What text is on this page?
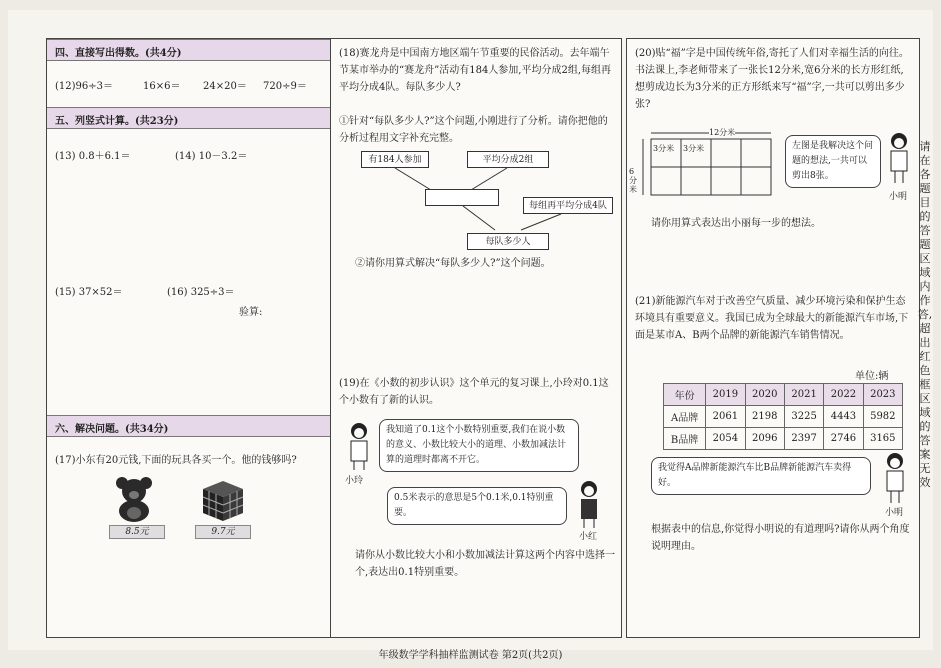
四、直接写出得数。(共4分)
(12)96÷3＝	16×6＝ 24×20＝ 720÷9＝
五、列竖式计算。(共23分)
(13) 0.8＋6.1＝	(14) 10－3.2＝
(15) 37×52＝	(16) 325÷3＝
验算:
六、解决问题。(共34分)
(17)小东有20元钱,下面的玩具各买一个。他的钱够吗?
8.5元	9.7元
(18)赛龙舟是中国南方地区端午节重要的民俗活动。去年端午节某市举办的“赛龙舟”活动有184人参加,平均分成2组,每组再平均分成4队。每队多少人?
①针对“每队多少人?”这个问题,小刚进行了分析。请你把他的分析过程用文字补充完整。
有184人参加	平均分成2组
每组再平均分成4队
每队多少人
②请你用算式解决“每队多少人?”这个问题。
(19)在《小数的初步认识》这个单元的复习课上,小玲对0.1这个小数有了新的认识。
小玲
我知道了0.1这个小数特别重要,我们在说小数的意义、小数比较大小的道理、小数加减法计算的道理时都离不开它。
0.5米表示的意思是5个0.1米,0.1特别重要。
小红
请你从小数比较大小和小数加减法计算这两个内容中选择一个,表达出0.1特别重要。
(20)贴“福”字是中国传统年俗,寄托了人们对幸福生活的向往。书法课上,李老师带来了一张长12分米,宽6分米的长方形红纸,想剪成边长为3分米的正方形纸来写“福”字,一共可以剪出多少张?
12分米
6分米
3分米 3分米	左图是我解决这个问题的想法,一共可以剪出8张。
小明
请你用算式表达出小丽每一步的想法。
(21)新能源汽车对于改善空气质量、减少环境污染和保护生态环境具有重要意义。我国已成为全球最大的新能源汽车市场,下面是某市A、B两个品牌的新能源汽车销售情况。
单位:辆
年份	2019	2020	2021	2022	2023
A品牌	2061	2198	3225	4443	5982
B品牌	2054	2096	2397	2746	3165
我觉得A品牌新能源汽车比B品牌新能源汽车卖得好。
小明
根据表中的信息,你觉得小明说的有道理吗?请你从两个角度说明理由。
请在各题目的答题区域内作答,超出红色框区域的答案无效
年级数学学科抽样监测试卷 第2页(共2页)
